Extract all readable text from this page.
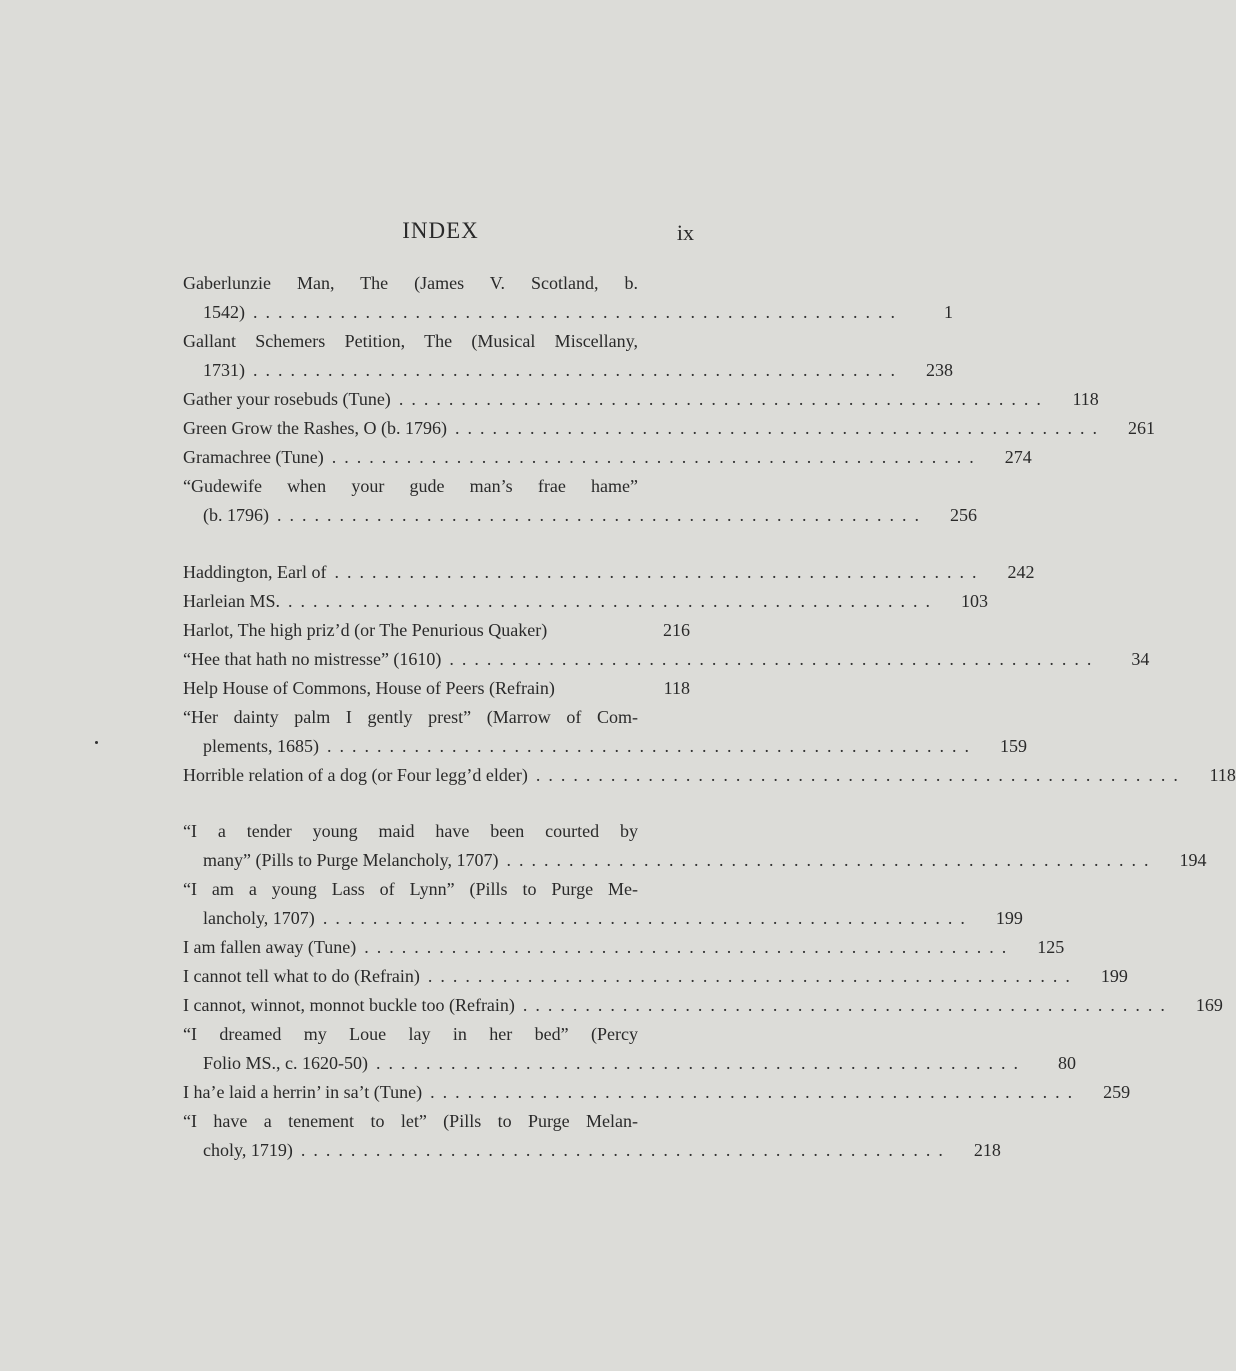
INDEX	ix
Gaberlunzie Man, The (James V. Scotland, b.
1542) ....................................................	1
Gallant Schemers Petition, The (Musical Miscellany,
1731) ....................................................	238
Gather your rosebuds (Tune) ....................................................	118
Green Grow the Rashes, O (b. 1796) ....................................................	261
Gramachree (Tune) ....................................................	274
“Gudewife when your gude man’s frae hame”
(b. 1796) ....................................................	256
Haddington, Earl of ....................................................	242
Harleian MS. ....................................................	103
Harlot, The high priz’d (or The Penurious Quaker)	216
“Hee that hath no mistresse” (1610) ....................................................	34
Help House of Commons, House of Peers (Refrain)	118
“Her dainty palm I gently prest” (Marrow of Com-
plements, 1685) ....................................................	159
Horrible relation of a dog (or Four legg’d elder) ....................................................	118
“I a tender young maid have been courted by
many” (Pills to Purge Melancholy, 1707) ....................................................	194
“I am a young Lass of Lynn” (Pills to Purge Me-
lancholy, 1707) ....................................................	199
I am fallen away (Tune) ....................................................	125
I cannot tell what to do (Refrain) ....................................................	199
I cannot, winnot, monnot buckle too (Refrain) ....................................................	169
“I dreamed my Loue lay in her bed” (Percy
Folio MS., c. 1620-50) ....................................................	80
I ha’e laid a herrin’ in sa’t (Tune) ....................................................	259
“I have a tenement to let” (Pills to Purge Melan-
choly, 1719) ....................................................	218
